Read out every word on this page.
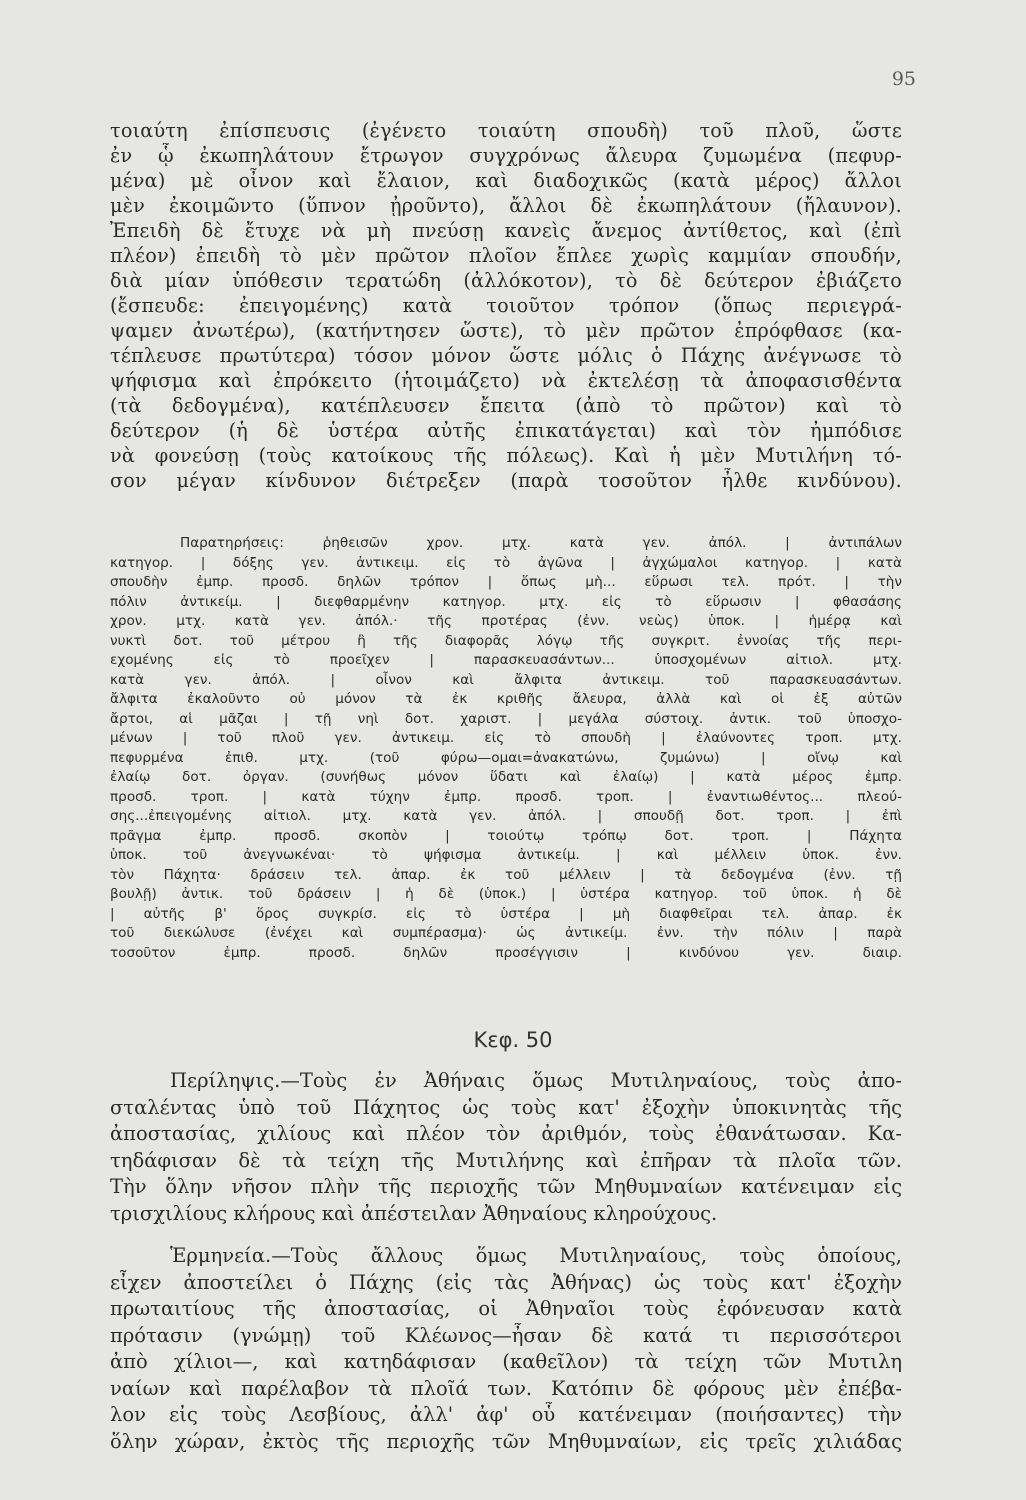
95

τοιαύτη ἐπίσπευσις (ἐγένετο τοιαύτη σπουδὴ) τοῦ πλοῦ, ὥστε

ἐν ᾧ ἐκωπηλάτουν ἔτρωγον συγχρόνως ἄλευρα ζυμωμένα (πεφυρ-

μένα) μὲ οἶνον καὶ ἔλαιον, καὶ διαδοχικῶς (κατὰ μέρος) ἄλλοι

μὲν ἐκοιμῶντο (ὕπνον ᾐροῦντο), ἄλλοι δὲ ἐκωπηλάτουν (ἤλαυνον).

Ἐπειδὴ δὲ ἔτυχε νὰ μὴ πνεύσῃ κανεὶς ἄνεμος ἀντίθετος, καὶ (ἐπὶ

πλέον) ἐπειδὴ τὸ μὲν πρῶτον πλοῖον ἔπλεε χωρὶς καμμίαν σπουδήν,

διὰ μίαν ὑπόθεσιν τερατώδη (ἀλλόκοτον), τὸ δὲ δεύτερον ἐβιάζετο

(ἔσπευδε: ἐπειγομένης) κατὰ τοιοῦτον τρόπον (ὅπως περιεγρά-

ψαμεν ἀνωτέρω), (κατήντησεν ὥστε), τὸ μὲν πρῶτον ἐπρόφθασε (κα-

τέπλευσε πρωτύτερα) τόσον μόνον ὥστε μόλις ὁ Πάχης ἀνέγνωσε τὸ

ψήφισμα καὶ ἐπρόκειτο (ἡτοιμάζετο) νὰ ἐκτελέσῃ τὰ ἀποφασισθέντα

(τὰ δεδογμένα), κατέπλευσεν ἔπειτα (ἀπὸ τὸ πρῶτον) καὶ τὸ

δεύτερον (ἡ δὲ ὑστέρα αὐτῆς ἐπικατάγεται) καὶ τὸν ἠμπόδισε

νὰ φονεύσῃ (τοὺς κατοίκους τῆς πόλεως). Καὶ ἡ μὲν Μυτιλήνη τό-

σον μέγαν κίνδυνον διέτρεξεν (παρὰ τοσοῦτον ἦλθε κινδύνου).

Παρατηρήσεις: ῥηθεισῶν χρον. μτχ. κατὰ γεν. ἀπόλ. | ἀντιπάλων

κατηγορ. | δόξης γεν. ἀντικειμ. εἰς τὸ ἀγῶνα | ἀγχώμαλοι κατηγορ. | κατὰ

σπουδὴν ἐμπρ. προσδ. δηλῶν τρόπον | ὅπως μὴ... εὕρωσι τελ. πρότ. | τὴν

πόλιν ἀντικείμ. | διεφθαρμένην κατηγορ. μτχ. εἰς τὸ εὕρωσιν | φθασάσης

χρον. μτχ. κατὰ γεν. ἀπόλ.· τῆς προτέρας (ἐνν. νεὼς) ὑποκ. | ἡμέρᾳ καὶ

νυκτὶ δοτ. τοῦ μέτρου ἢ τῆς διαφορᾶς λόγῳ τῆς συγκριτ. ἐννοίας τῆς περι-

εχομένης εἰς τὸ προεῖχεν | παρασκευασάντων... ὑποσχομένων αἰτιολ. μτχ.

κατὰ γεν. ἀπόλ. | οἶνον καὶ ἄλφιτα ἀντικειμ. τοῦ παρασκευασάντων.

ἄλφιτα ἐκαλοῦντο οὐ μόνον τὰ ἐκ κριθῆς ἄλευρα, ἀλλὰ καὶ οἱ ἐξ αὐτῶν

ἄρτοι, αἱ μᾶζαι | τῇ νηὶ δοτ. χαριστ. | μεγάλα σύστοιχ. ἀντικ. τοῦ ὑποσχο-

μένων | τοῦ πλοῦ γεν. ἀντικειμ. εἰς τὸ σπουδὴ | ἐλαύνοντες τροπ. μτχ.

πεφυρμένα ἐπιθ. μτχ. (τοῦ φύρω—ομαι=ἀνακατώνω, ζυμώνω) | οἴνῳ καὶ

ἐλαίῳ δοτ. ὀργαν. (συνήθως μόνον ὕδατι καὶ ἐλαίῳ) | κατὰ μέρος ἐμπρ.

προσδ. τροπ. | κατὰ τύχην ἐμπρ. προσδ. τροπ. | ἐναντιωθέντος... πλεού-

σης...ἐπειγομένης αἰτιολ. μτχ. κατὰ γεν. ἀπόλ. | σπουδῇ δοτ. τροπ. | ἐπὶ

πρᾶγμα ἐμπρ. προσδ. σκοπὸν | τοιούτῳ τρόπῳ δοτ. τροπ. | Πάχητα

ὑποκ. τοῦ ἀνεγνωκέναι· τὸ ψήφισμα ἀντικείμ. | καὶ μέλλειν ὑποκ. ἐνν.

τὸν Πάχητα· δράσειν τελ. ἀπαρ. ἐκ τοῦ μέλλειν | τὰ δεδογμένα (ἐνν. τῇ

βουλῇ) ἀντικ. τοῦ δράσειν | ἡ δὲ (ὑποκ.) | ὑστέρα κατηγορ. τοῦ ὑποκ. ἡ δὲ

| αὐτῆς β' ὅρος συγκρίσ. εἰς τὸ ὑστέρα | μὴ διαφθεῖραι τελ. ἀπαρ. ἐκ

τοῦ διεκώλυσε (ἐνέχει καὶ συμπέρασμα)· ὡς ἀντικείμ. ἐνν. τὴν πόλιν | παρὰ

τοσοῦτον ἐμπρ. προσδ. δηλῶν προσέγγισιν | κινδύνου γεν. διαιρ.

Κεφ. 50

Περίληψις.—Τοὺς ἐν Ἀθήναις ὅμως Μυτιληναίους, τοὺς ἀπο-

σταλέντας ὑπὸ τοῦ Πάχητος ὡς τοὺς κατ' ἐξοχὴν ὑποκινητὰς τῆς

ἀποστασίας, χιλίους καὶ πλέον τὸν ἀριθμόν, τοὺς ἐθανάτωσαν. Κα-

τηδάφισαν δὲ τὰ τείχη τῆς Μυτιλήνης καὶ ἐπῆραν τὰ πλοῖα τῶν.

Τὴν ὅλην νῆσον πλὴν τῆς περιοχῆς τῶν Μηθυμναίων κατένειμαν εἰς

τρισχιλίους κλήρους καὶ ἀπέστειλαν Ἀθηναίους κληρούχους.

Ἑρμηνεία.—Τοὺς ἄλλους ὅμως Μυτιληναίους, τοὺς ὁποίους,

εἶχεν ἀποστείλει ὁ Πάχης (εἰς τὰς Ἀθήνας) ὡς τοὺς κατ' ἐξοχὴν

πρωταιτίους τῆς ἀποστασίας, οἱ Ἀθηναῖοι τοὺς ἐφόνευσαν κατὰ

πρότασιν (γνώμῃ) τοῦ Κλέωνος—ἦσαν δὲ κατά τι περισσότεροι

ἀπὸ χίλιοι—, καὶ κατηδάφισαν (καθεῖλον) τὰ τείχη τῶν Μυτιλη

ναίων καὶ παρέλαβον τὰ πλοῖά των. Κατόπιν δὲ φόρους μὲν ἐπέβα-

λον εἰς τοὺς Λεσβίους, ἀλλ' ἀφ' οὗ κατένειμαν (ποιήσαντες) τὴν

ὅλην χώραν, ἐκτὸς τῆς περιοχῆς τῶν Μηθυμναίων, εἰς τρεῖς χιλιάδας
